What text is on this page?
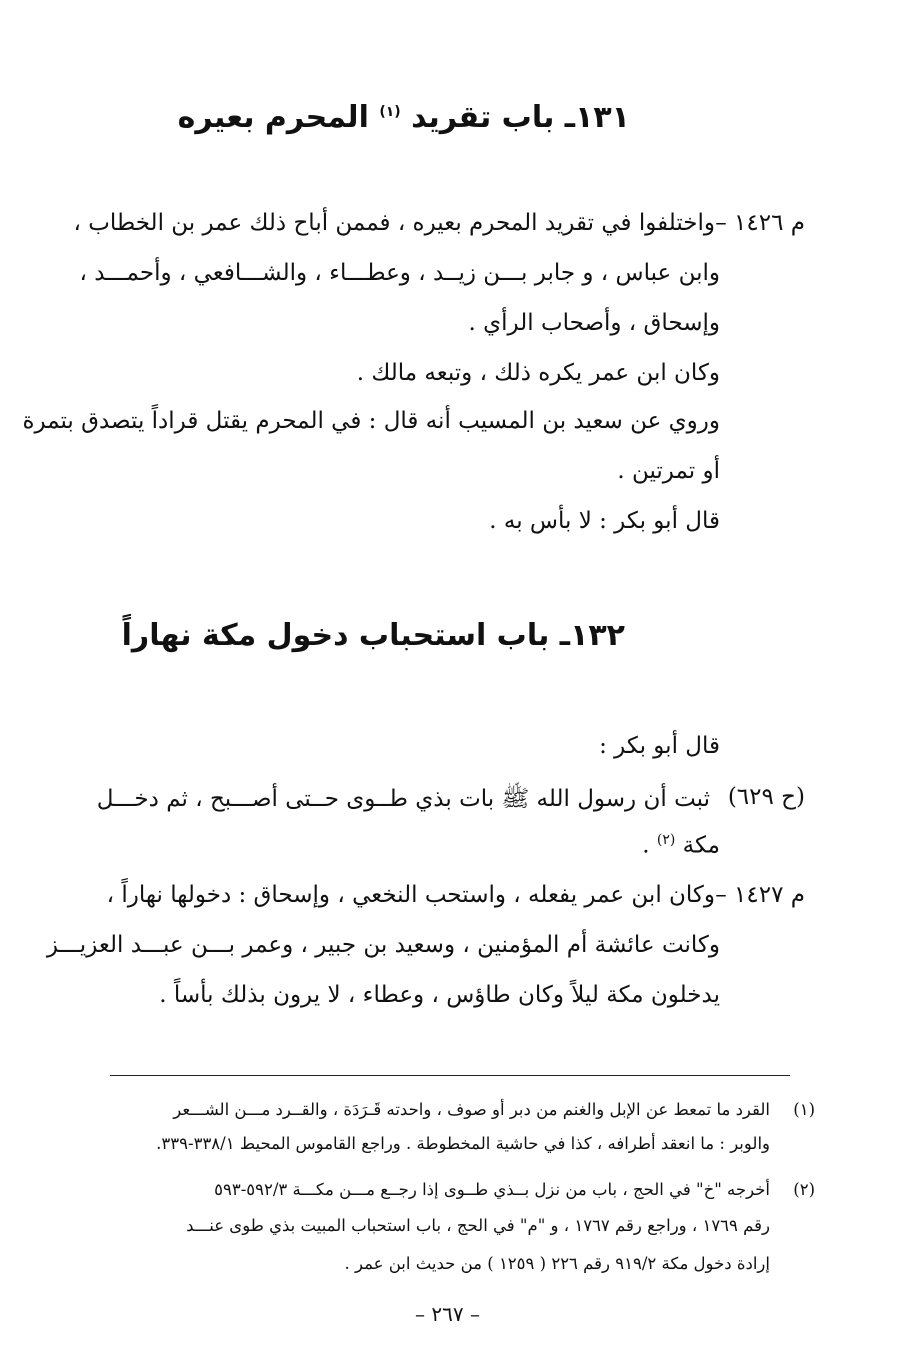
١٣١ـ باب تقريد $^{(١)}$ المحرم بعيره
م ١٤٢٦ –
واختلفوا في تقريد المحرم بعيره ، فممن أباح ذلك عمر بن الخطاب ،
وابن عباس ، و جابر بـــن زيــد ، وعطـــاء ، والشـــافعي ، وأحمـــد ،
وإسحاق ، وأصحاب الرأي .
وكان ابن عمر يكره ذلك ، وتبعه مالك .
وروي عن سعيد بن المسيب أنه قال : في المحرم يقتل قراداً يتصدق بتمرة
أو تمرتين .
قال أبو بكر : لا بأس به .
١٣٢ـ باب استحباب دخول مكة نهاراً
قال أبو بكر :
(ح ٦٢٩)
ثبت أن رسول الله ﷺ بات بذي طــوى حــتى أصـــبح ، ثم دخـــل
مكة $^{(٢)}$ .
م ١٤٢٧ –
وكان ابن عمر يفعله ، واستحب النخعي ، وإسحاق : دخولها نهاراً ،
وكانت عائشة أم المؤمنين ، وسعيد بن جبير ، وعمر بـــن عبـــد العزيـــز
يدخلون مكة ليلاً وكان طاؤس ، وعطاء ، لا يرون بذلك بأساً .
(١)
القرد ما تمعط عن الإبل والغنم من دبر أو صوف ، واحدته قَـرَدَة ، والقــرد مـــن الشـــعر
والوبر : ما انعقد أطرافه ، كذا في حاشية المخطوطة . وراجع القاموس المحيط ٣٣٨/١-٣٣٩.
(٢)
أخرجه "خ" في الحج ، باب من نزل بــذي طــوى إذا رجــع مـــن مكـــة ٥٩٢/٣-٥٩٣
رقم ١٧٦٩ ، وراجع رقم ١٧٦٧ ، و "م" في الحج ، باب استحباب المبيت بذي طوى عنـــد
إرادة دخول مكة ٩١٩/٢ رقم ٢٢٦ ( ١٢٥٩ ) من حديث ابن عمر .
– ٢٦٧ –
